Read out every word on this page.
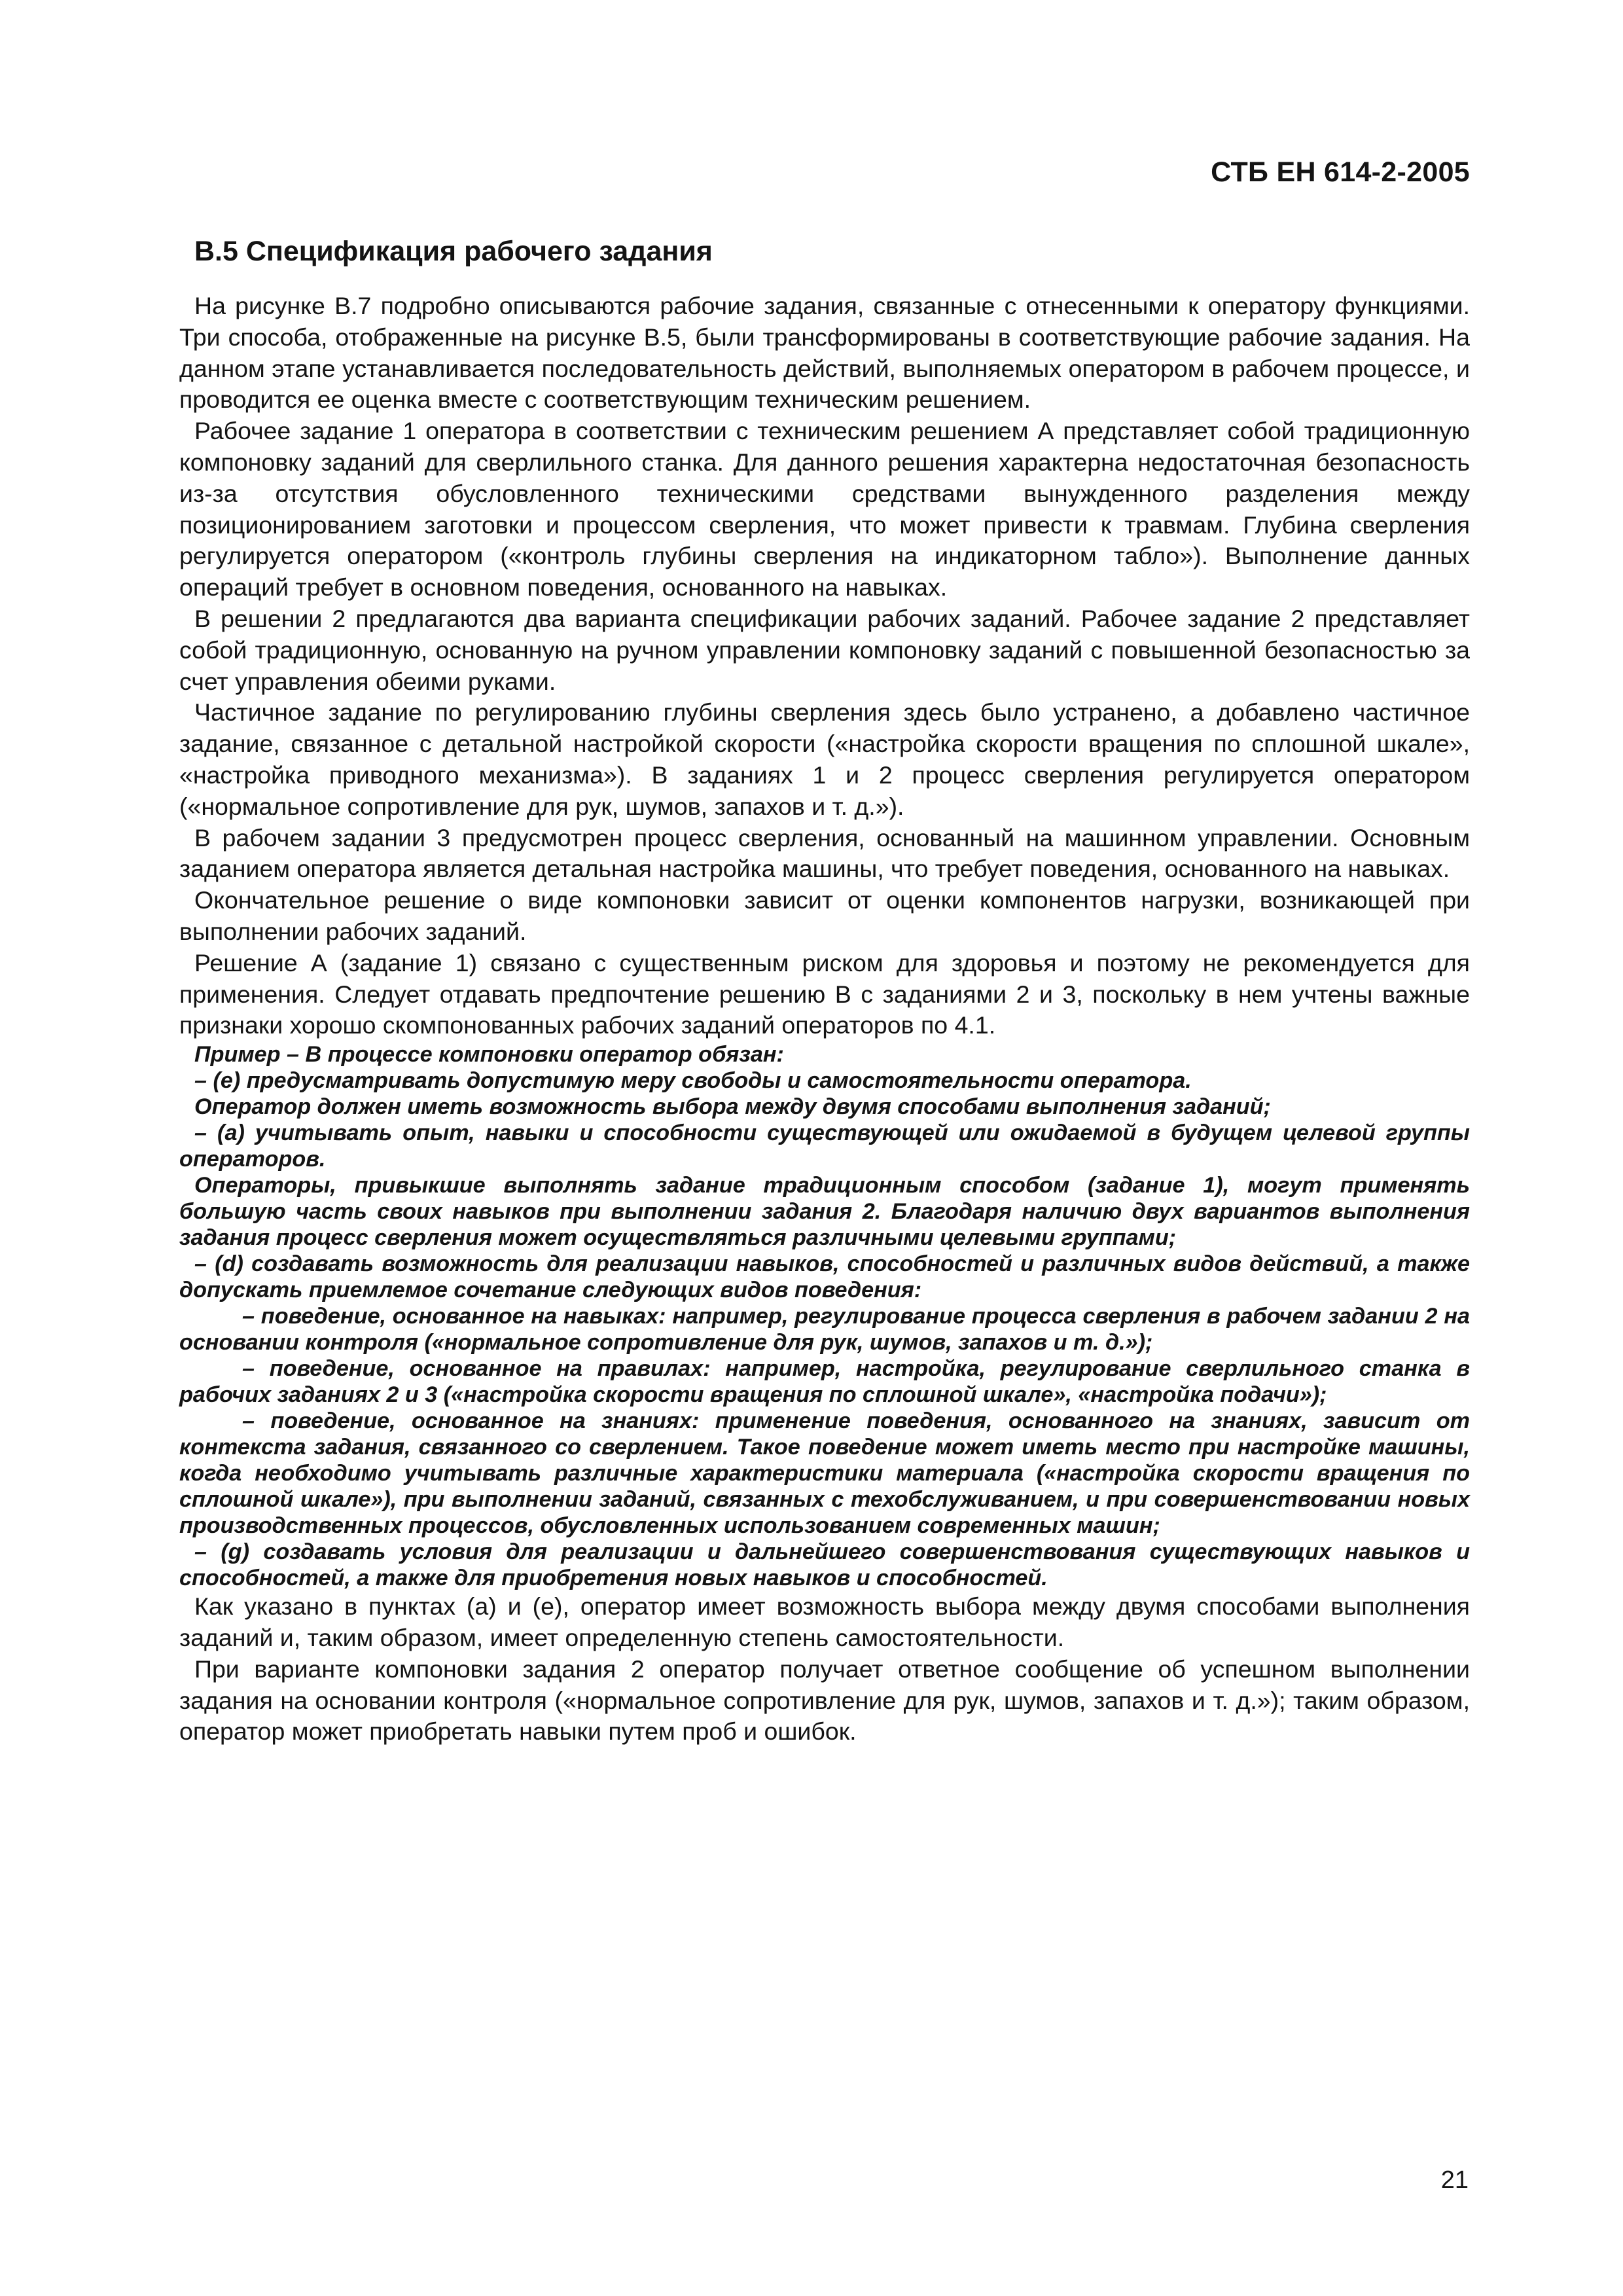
СТБ ЕН 614-2-2005

В.5 Спецификация рабочего задания

На рисунке В.7 подробно описываются рабочие задания, связанные с отнесенными к оператору функциями. Три способа, отображенные на рисунке В.5, были трансформированы в соответствующие рабочие задания. На данном этапе устанавливается последовательность действий, выполняемых оператором в рабочем процессе, и проводится ее оценка вместе с соответствующим техническим решением.

Рабочее задание 1 оператора в соответствии с техническим решением А представляет собой традиционную компоновку заданий для сверлильного станка. Для данного решения характерна недостаточная безопасность из-за отсутствия обусловленного техническими средствами вынужденного разделения между позиционированием заготовки и процессом сверления, что может привести к травмам. Глубина сверления регулируется оператором («контроль глубины сверления на индикаторном табло»). Выполнение данных операций требует в основном поведения, основанного на навыках.

В решении 2 предлагаются два варианта спецификации рабочих заданий. Рабочее задание 2 представляет собой традиционную, основанную на ручном управлении компоновку заданий с повышенной безопасностью за счет управления обеими руками.

Частичное задание по регулированию глубины сверления здесь было устранено, а добавлено частичное задание, связанное с детальной настройкой скорости («настройка скорости вращения по сплошной шкале», «настройка приводного механизма»). В заданиях 1 и 2 процесс сверления регулируется оператором («нормальное сопротивление для рук, шумов, запахов и т. д.»).

В рабочем задании 3 предусмотрен процесс сверления, основанный на машинном управлении. Основным заданием оператора является детальная настройка машины, что требует поведения, основанного на навыках.

Окончательное решение о виде компоновки зависит от оценки компонентов нагрузки, возникающей при выполнении рабочих заданий.

Решение А (задание 1) связано с существенным риском для здоровья и поэтому не рекомендуется для применения. Следует отдавать предпочтение решению В с заданиями 2 и 3, поскольку в нем учтены важные признаки хорошо скомпонованных рабочих заданий операторов по 4.1.

Пример – В процессе компоновки оператор обязан:

– (е) предусматривать допустимую меру свободы и самостоятельности оператора.

Оператор должен иметь возможность выбора между двумя способами выполнения заданий;

– (а) учитывать опыт, навыки и способности существующей или ожидаемой в будущем целевой группы операторов.

Операторы, привыкшие выполнять задание традиционным способом (задание 1), могут применять большую часть своих навыков при выполнении задания 2. Благодаря наличию двух вариантов выполнения задания процесс сверления может осуществляться различными целевыми группами;

– (d) создавать возможность для реализации навыков, способностей и различных видов действий, а также допускать приемлемое сочетание следующих видов поведения:

– поведение, основанное на навыках: например, регулирование процесса сверления в рабочем задании 2 на основании контроля («нормальное сопротивление для рук, шумов, запахов и т. д.»);

– поведение, основанное на правилах: например, настройка, регулирование сверлильного станка в рабочих заданиях 2 и 3 («настройка скорости вращения по сплошной шкале», «настройка подачи»);

– поведение, основанное на знаниях: применение поведения, основанного на знаниях, зависит от контекста задания, связанного со сверлением. Такое поведение может иметь место при настройке машины, когда необходимо учитывать различные характеристики материала («настройка скорости вращения по сплошной шкале»), при выполнении заданий, связанных с техобслуживанием, и при совершенствовании новых производственных процессов, обусловленных использованием современных машин;

– (g) создавать условия для реализации и дальнейшего совершенствования существующих навыков и способностей, а также для приобретения новых навыков и способностей.

Как указано в пунктах (а) и (е), оператор имеет возможность выбора между двумя способами выполнения заданий и, таким образом, имеет определенную степень самостоятельности.

При варианте компоновки задания 2 оператор получает ответное сообщение об успешном выполнении задания на основании контроля («нормальное сопротивление для рук, шумов, запахов и т. д.»); таким образом, оператор может приобретать навыки путем проб и ошибок.

21
